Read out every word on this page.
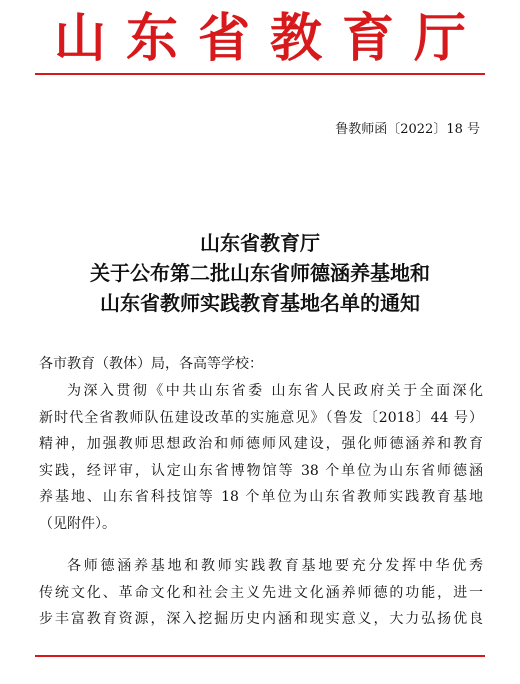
山东省教育厅
鲁教师函〔2022〕18 号
山东省教育厅
关于公布第二批山东省师德涵养基地和
山东省教师实践教育基地名单的通知
各市教育（教体）局，各高等学校：
为深入贯彻《中共山东省委 山东省人民政府关于全面深化
新时代全省教师队伍建设改革的实施意见》（鲁发〔2018〕44 号）
精神，加强教师思想政治和师德师风建设，强化师德涵养和教育
实践，经评审，认定山东省博物馆等 38 个单位为山东省师德涵
养基地、山东省科技馆等 18 个单位为山东省教师实践教育基地
（见附件）。
各师德涵养基地和教师实践教育基地要充分发挥中华优秀
传统文化、革命文化和社会主义先进文化涵养师德的功能，进一
步丰富教育资源，深入挖掘历史内涵和现实意义，大力弘扬优良
